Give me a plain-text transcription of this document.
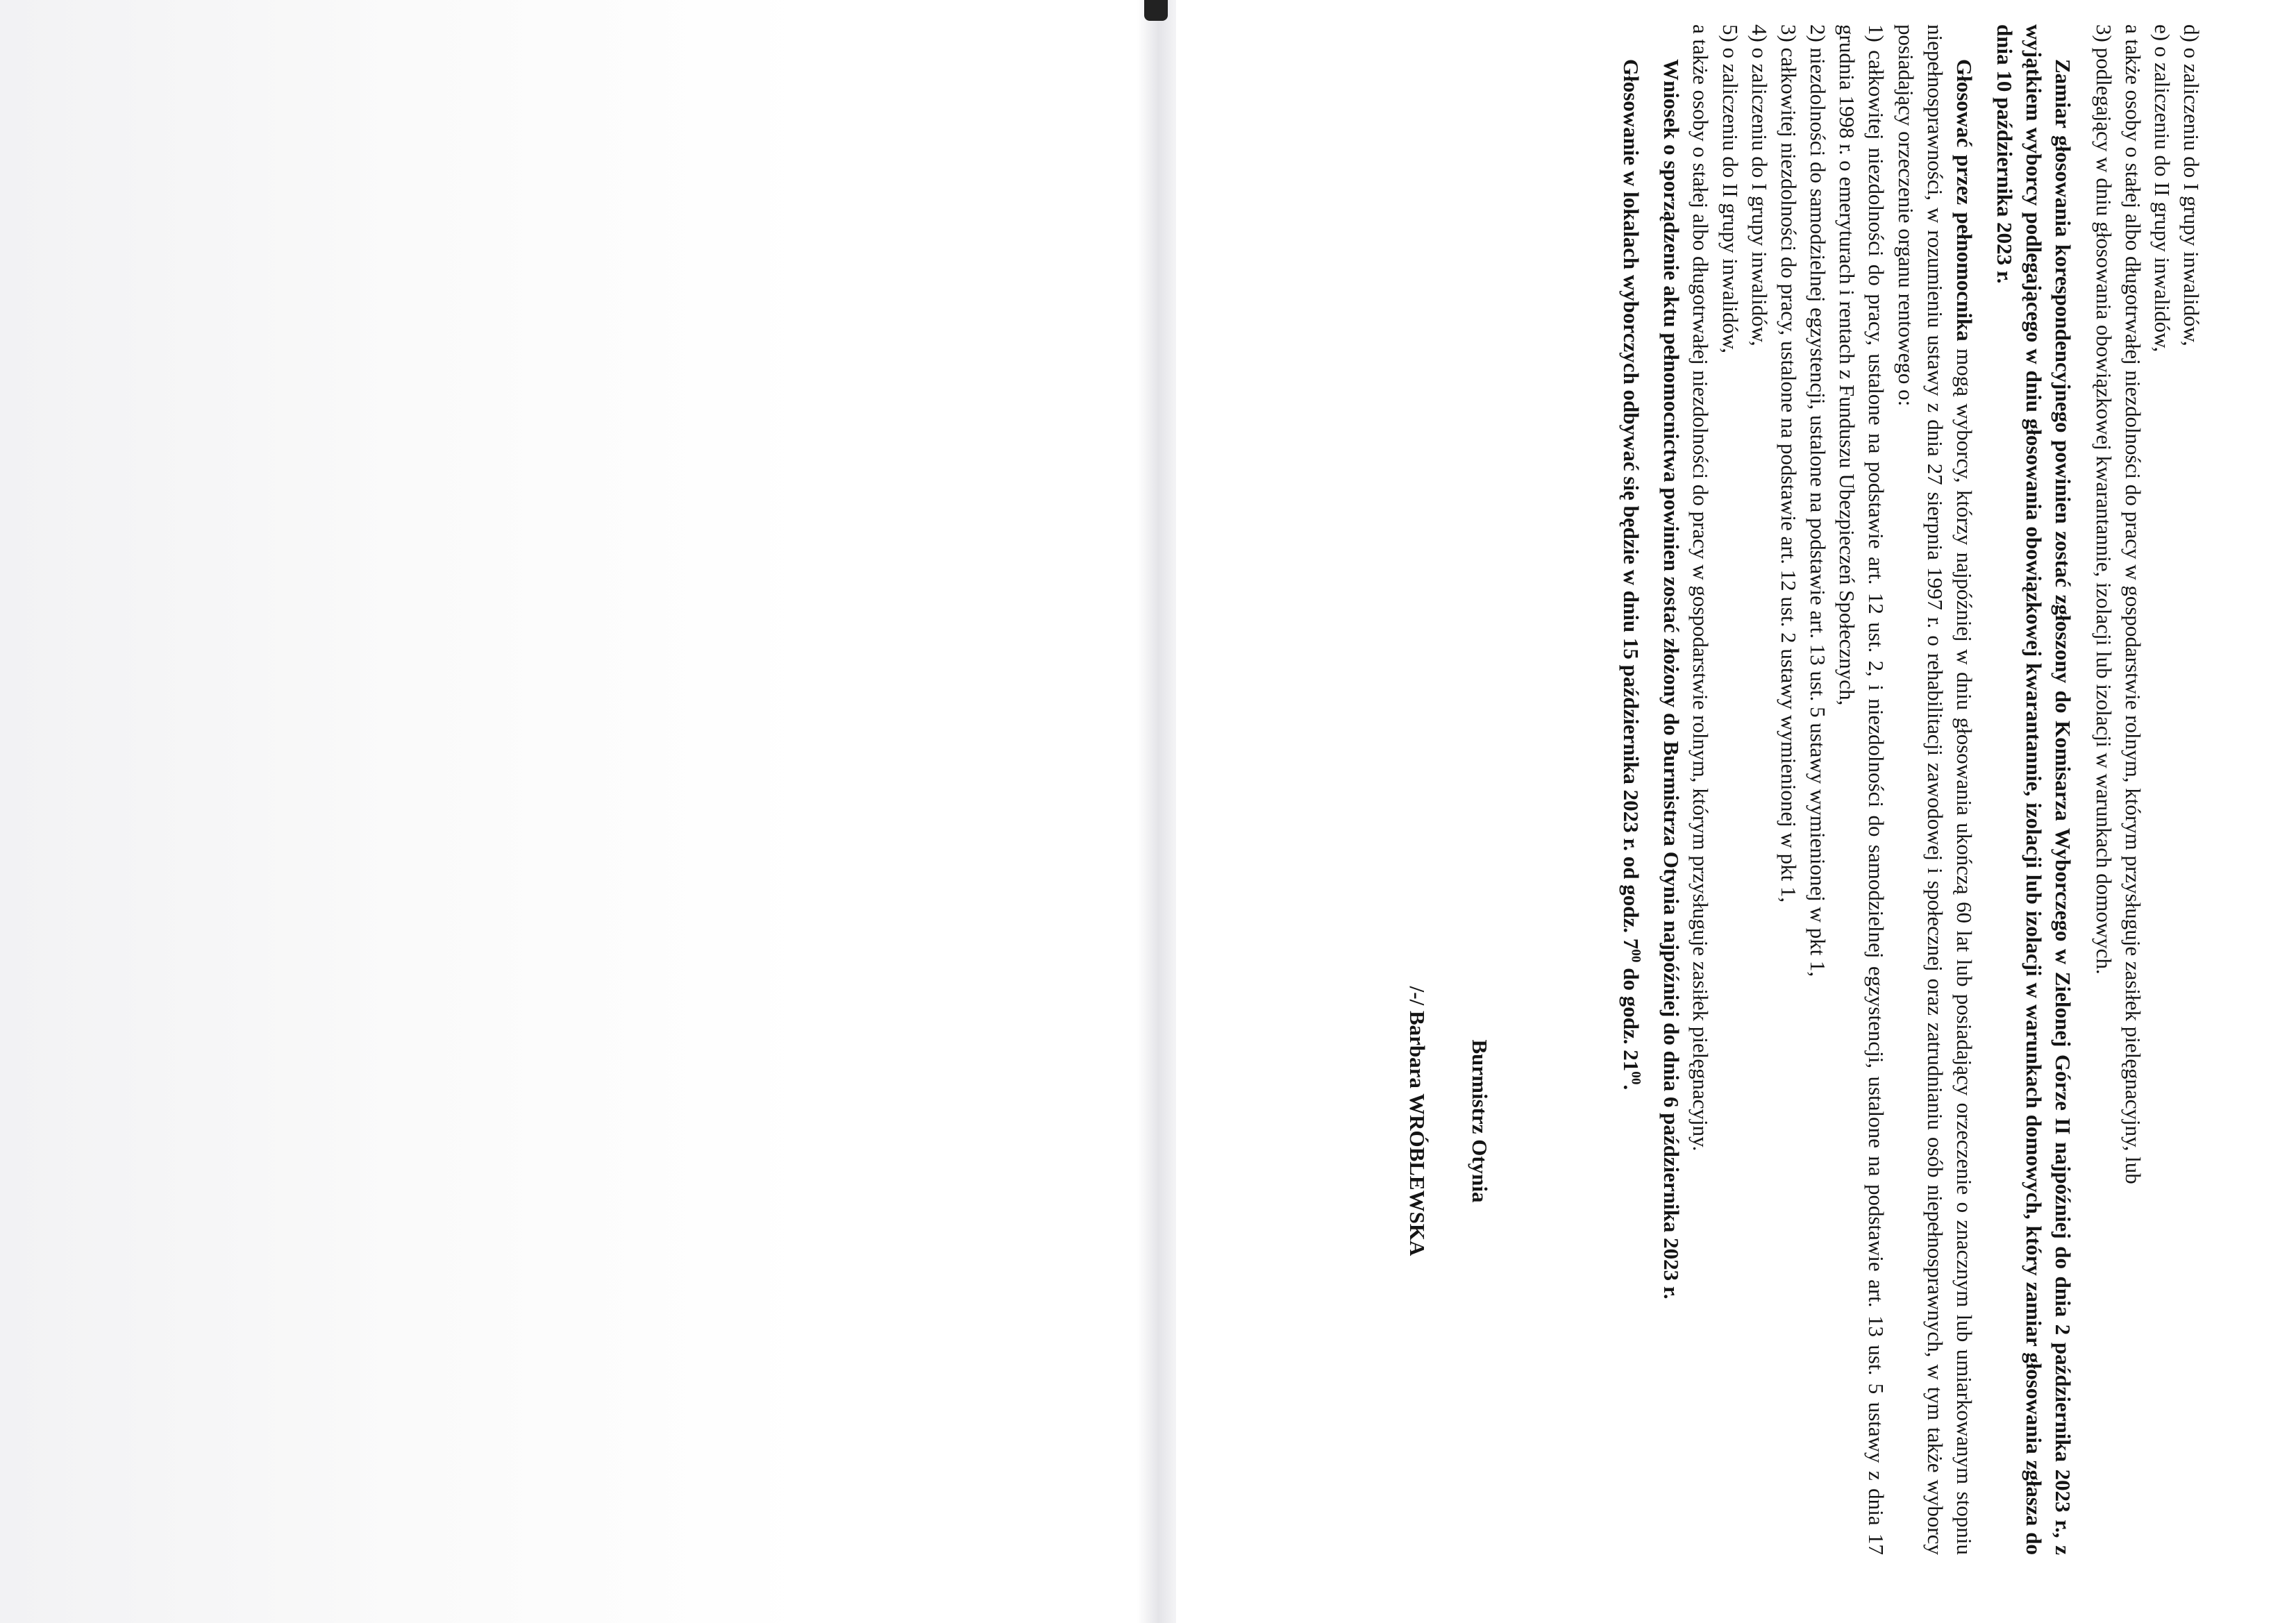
d) o zaliczeniu do I grupy inwalidów,

e) o zaliczeniu do II grupy inwalidów,

a także osoby o stałej albo długotrwałej niezdolności do pracy w gospodarstwie rolnym, którym przysługuje zasiłek pielęgnacyjny, lub

3) podlegający w dniu głosowania obowiązkowej kwarantannie, izolacji lub izolacji w warunkach domowych.

Zamiar głosowania korespondencyjnego powinien zostać zgłoszony do Komisarza Wyborczego w Zielonej Górze II najpóźniej do dnia 2 października 2023 r., z wyjątkiem wyborcy podlegającego w dniu głosowania obowiązkowej kwarantannie, izolacji lub izolacji w warunkach domowych, który zamiar głosowania zgłasza do dnia 10 października 2023 r.

Głosować przez pełnomocnika mogą wyborcy, którzy najpóźniej w dniu głosowania ukończą 60 lat lub posiadający orzeczenie o znacznym lub umiarkowanym stopniu niepełnosprawności, w rozumieniu ustawy z dnia 27 sierpnia 1997 r. o rehabilitacji zawodowej i społecznej oraz zatrudnianiu osób niepełnosprawnych, w tym także wyborcy posiadający orzeczenie organu rentowego o:

1) całkowitej niezdolności do pracy, ustalone na podstawie art. 12 ust. 2, i niezdolności do samodzielnej egzystencji, ustalone na podstawie art. 13 ust. 5 ustawy z dnia 17 grudnia 1998 r. o emeryturach i rentach z Funduszu Ubezpieczeń Społecznych,

2) niezdolności do samodzielnej egzystencji, ustalone na podstawie art. 13 ust. 5 ustawy wymienionej w pkt 1,

3) całkowitej niezdolności do pracy, ustalone na podstawie art. 12 ust. 2 ustawy wymienionej w pkt 1,

4) o zaliczeniu do I grupy inwalidów,

5) o zaliczeniu do II grupy inwalidów,

a także osoby o stałej albo długotrwałej niezdolności do pracy w gospodarstwie rolnym, którym przysługuje zasiłek pielęgnacyjny.

Wniosek o sporządzenie aktu pełnomocnictwa powinien zostać złożony do Burmistrza Otynia najpóźniej do dnia 6 października 2023 r.

Głosowanie w lokalach wyborczych odbywać się będzie w dniu 15 października 2023 r. od godz. $7^{00}$ do godz. $21^{00}$.

Burmistrz Otynia

/-/ Barbara WRÓBLEWSKA
